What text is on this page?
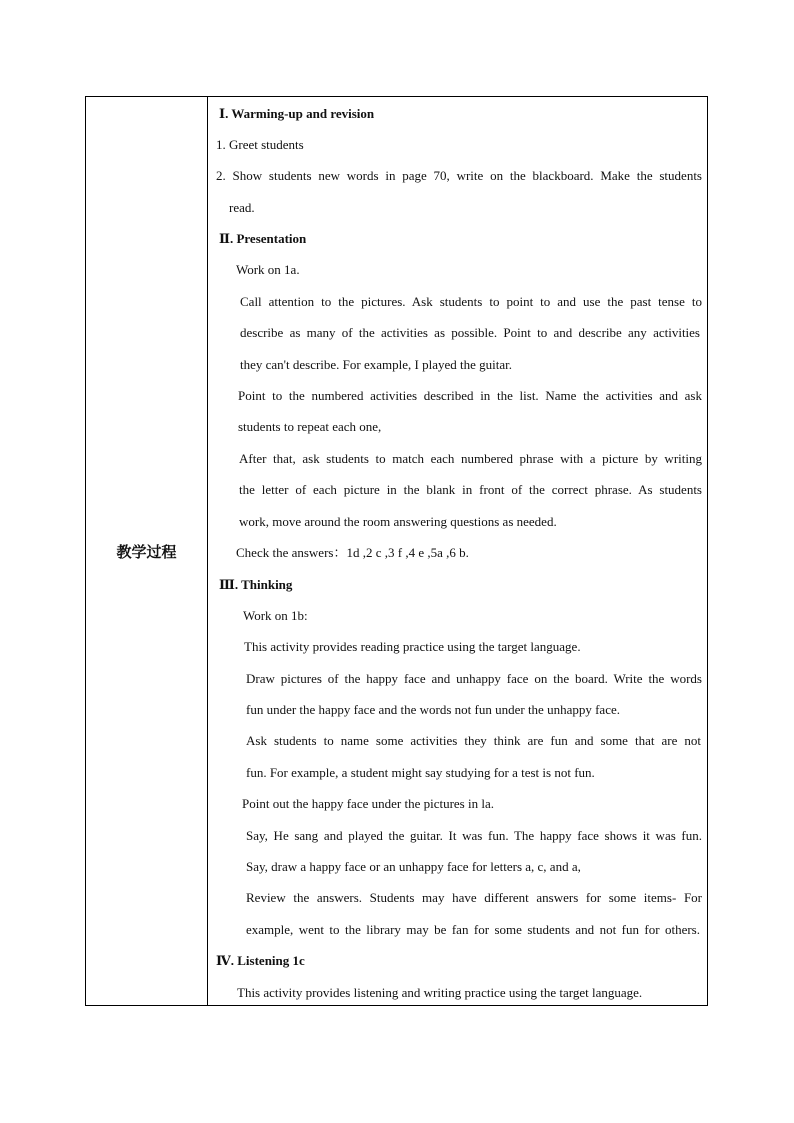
教学过程
Ⅰ. Warming-up and revision
1. Greet students
2. Show students new words in page 70, write on the blackboard. Make the students
read.
Ⅱ. Presentation
Work on 1a.
Call attention to the pictures. Ask students to point to and use the past tense to
describe as many of the activities as possible. Point to and describe any activities
they can't describe. For example, I played the guitar.
Point to the numbered activities described in the list. Name the activities and ask
students to repeat each one,
After that, ask students to match each numbered phrase with a picture by writing
the letter of each picture in the blank in front of the correct phrase. As students
work, move around the room answering questions as needed.
Check the answers：1d ,2 c ,3 f ,4 e ,5a ,6 b.
Ⅲ. Thinking
Work on 1b:
This activity provides reading practice using the target language.
Draw pictures of the happy face and unhappy face on the board. Write the words
fun under the happy face and the words not fun under the unhappy face.
Ask students to name some activities they think are fun and some that are not
fun. For example, a student might say studying for a test is not fun.
Point out the happy face under the pictures in la.
Say, He sang and played the guitar. It was fun. The happy face shows it was fun.
Say, draw a happy face or an unhappy face for letters a, c, and a,
Review the answers. Students may have different answers for some items- For
example, went to the library may be fan for some students and not fun for others.
Ⅳ. Listening 1c
This activity provides listening and writing practice using the target language.
